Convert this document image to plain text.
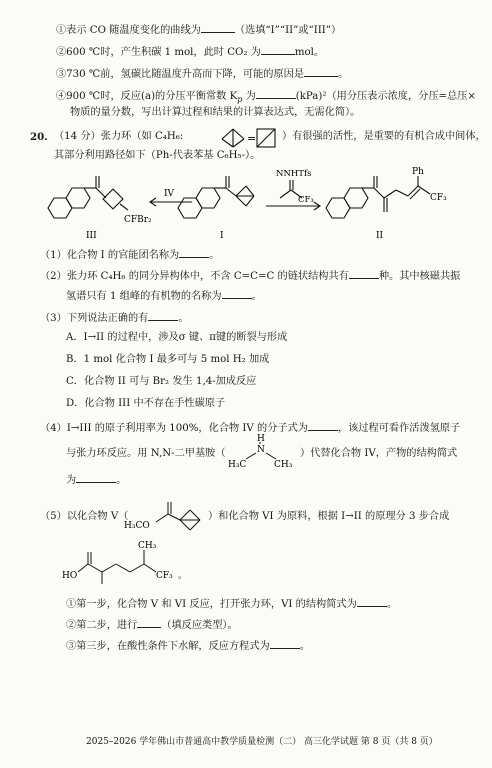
①表示 CO 随温度变化的曲线为	（选填“I”“II”或“III”）
②600 ℃时，产生积碳 1 mol，此时 CO₂ 为	mol。
③730 ℃前，氢碳比随温度升高而下降，可能的原因是	。
④900 ℃时，反应(a)的分压平衡常数 $K_p$ 为	(kPa)²（用分压表示浓度，分压=总压×
物质的量分数，写出计算过程和结果的计算表达式，无需化简）。
20. （14 分）张力环（如 C₄H₆:	=	）有很强的活性，是重要的有机合成中间体，
其部分利用路径如下（Ph-代表苯基 C₆H₅-）。
IV
CFBr₂
NNHTfs
CF₃
Ph
CF₃
III	I	II
（1）化合物 I 的官能团名称为	。
（2）张力环 C₄H₆ 的同分异构体中，不含 C=C=C 的链状结构共有	种。其中核磁共振
氢谱只有 1 组峰的有机物的名称为	。
（3）下列说法正确的有	。
A．I→II 的过程中，涉及σ 键、π键的断裂与形成
B．1 mol 化合物 I 最多可与 5 mol H₂ 加成
C．化合物 II 可与 Br₂ 发生 1,4-加成反应
D．化合物 III 中不存在手性碳原子
（4）I→III 的原子利用率为 100%，化合物 IV 的分子式为	，该过程可看作活泼氢原子
与张力环反应。用 N,N-二甲基胺（
H
N
H₃C	CH₃
）代替化合物 IV，产物的结构简式
为	。
（5）以化合物 V（
H₃CO
）和化合物 VI 为原料，根据 I→II 的原理分 3 步合成
HO
CH₃
CF₃ 。
①第一步，化合物 V 和 VI 反应，打开张力环，VI 的结构简式为	。
②第二步，进行 （填反应类型）。
③第三步，在酸性条件下水解，反应方程式为	。
2025–2026 学年佛山市普通高中教学质量检测（二） 高三化学试题 第 8 页（共 8 页）
